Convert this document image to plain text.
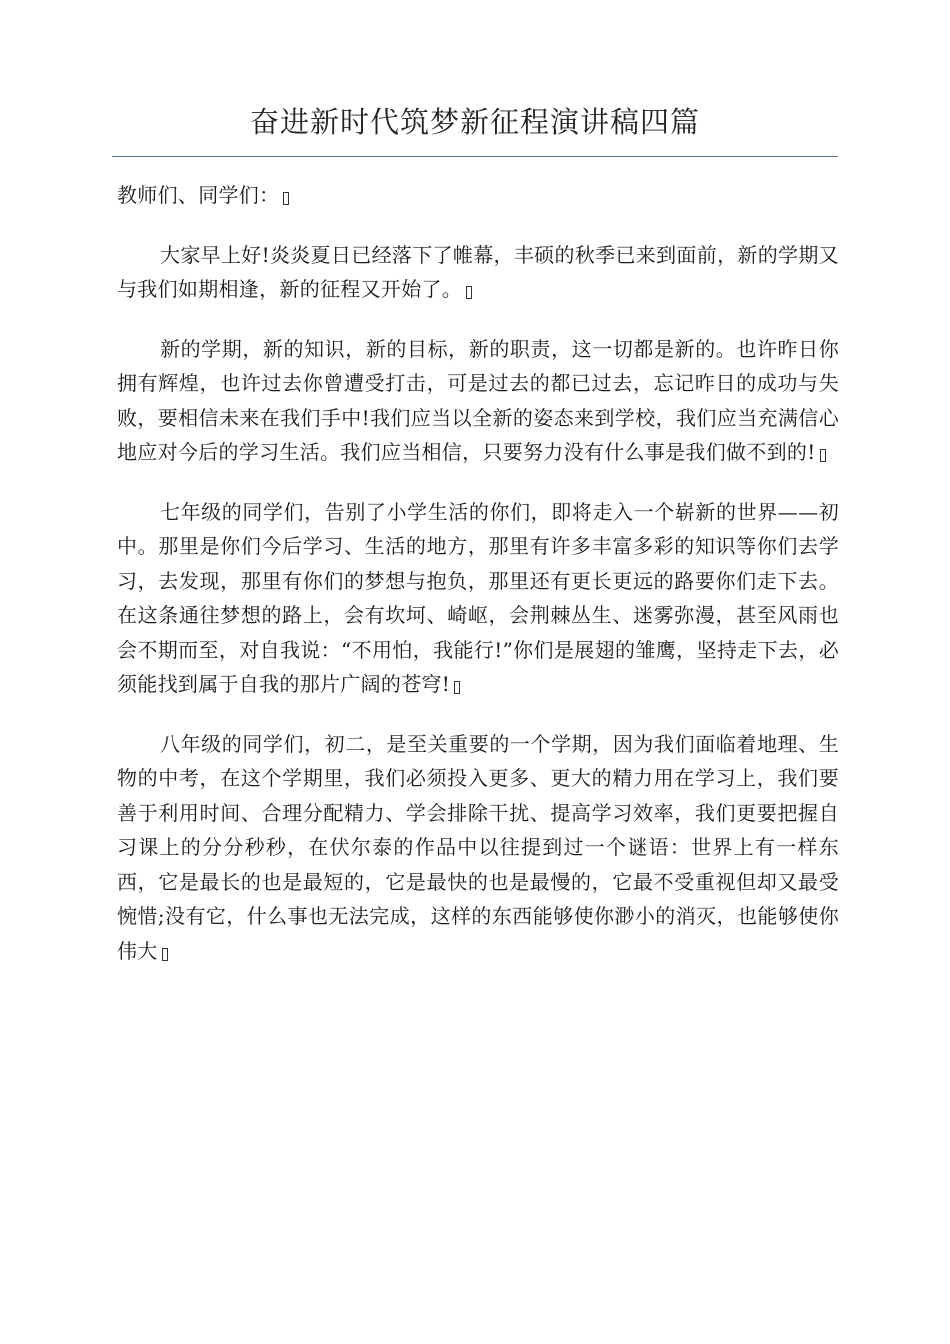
奋进新时代筑梦新征程演讲稿四篇

教师们、同学们：

大家早上好!炎炎夏日已经落下了帷幕，丰硕的秋季已来到面前，新的学期又与我们如期相逢，新的征程又开始了。

新的学期，新的知识，新的目标，新的职责，这一切都是新的。也许昨日你拥有辉煌，也许过去你曾遭受打击，可是过去的都已过去，忘记昨日的成功与失败，要相信未来在我们手中!我们应当以全新的姿态来到学校，我们应当充满信心地应对今后的学习生活。我们应当相信，只要努力没有什么事是我们做不到的!

七年级的同学们，告别了小学生活的你们，即将走入一个崭新的世界——初中。那里是你们今后学习、生活的地方，那里有许多丰富多彩的知识等你们去学习，去发现，那里有你们的梦想与抱负，那里还有更长更远的路要你们走下去。在这条通往梦想的路上，会有坎坷、崎岖，会荆棘丛生、迷雾弥漫，甚至风雨也会不期而至，对自我说：“不用怕，我能行!”你们是展翅的雏鹰，坚持走下去，必须能找到属于自我的那片广阔的苍穹!

八年级的同学们，初二，是至关重要的一个学期，因为我们面临着地理、生物的中考，在这个学期里，我们必须投入更多、更大的精力用在学习上，我们要善于利用时间、合理分配精力、学会排除干扰、提高学习效率，我们更要把握自习课上的分分秒秒，在伏尔泰的作品中以往提到过一个谜语：世界上有一样东西，它是最长的也是最短的，它是最快的也是最慢的，它最不受重视但却又最受惋惜;没有它，什么事也无法完成，这样的东西能够使你渺小的消灭，也能够使你伟大
